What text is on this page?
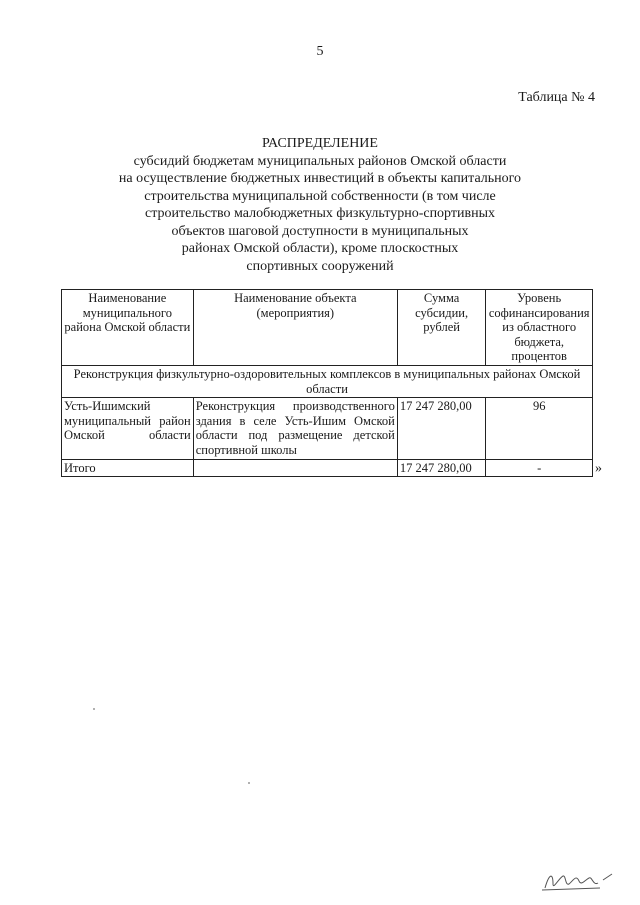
5
Таблица № 4
РАСПРЕДЕЛЕНИЕ
субсидий бюджетам муниципальных районов Омской области
на осуществление бюджетных инвестиций в объекты капитального
строительства муниципальной собственности (в том числе
строительство малобюджетных физкультурно-спортивных
объектов шаговой доступности в муниципальных
районах Омской области), кроме плоскостных
спортивных сооружений
Наименование муниципального района Омской области	Наименование объекта (мероприятия)	Сумма субсидии, рублей	Уровень софинансирования из областного бюджета, процентов
Реконструкция физкультурно-оздоровительных комплексов в муниципальных районах Омской области			
Усть-Ишимский муниципальный район Омской области	Реконструкция производственного здания в селе Усть-Ишим Омской области под размещение детской спортивной школы	17 247 280,00	96
Итого		17 247 280,00	-	»
